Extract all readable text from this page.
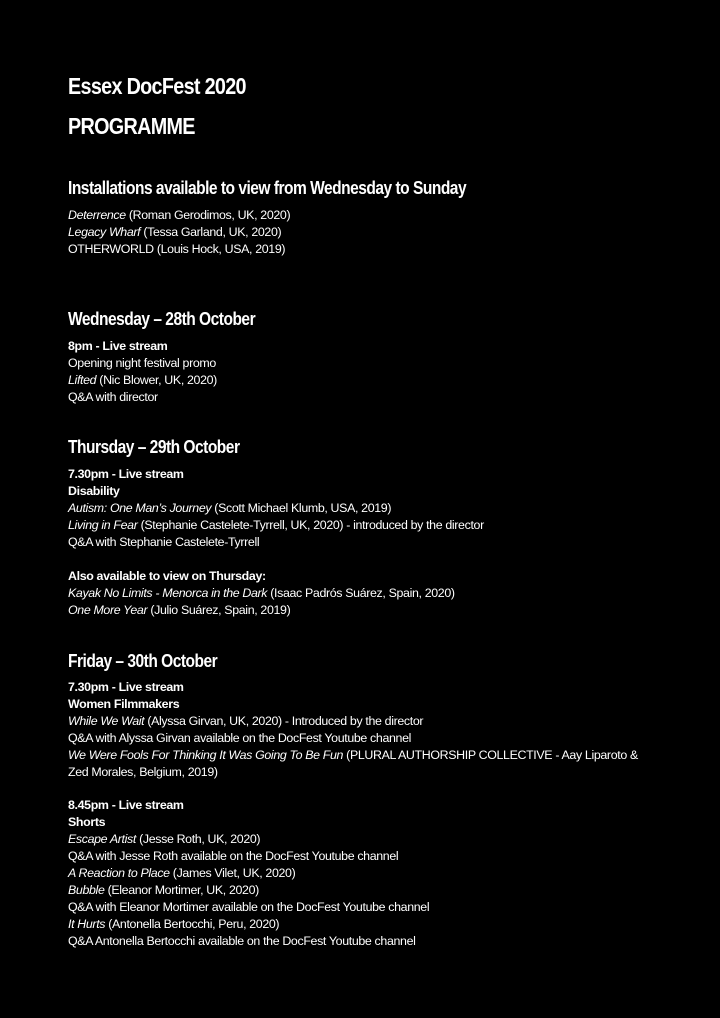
Essex DocFest 2020
PROGRAMME
Installations available to view from Wednesday to Sunday
Deterrence (Roman Gerodimos, UK, 2020)
Legacy Wharf (Tessa Garland, UK, 2020)
OTHERWORLD (Louis Hock, USA, 2019)
Wednesday – 28th October
8pm - Live stream
Opening night festival promo
Lifted (Nic Blower, UK, 2020)
Q&A with director
Thursday – 29th October
7.30pm - Live stream
Disability
Autism: One Man’s Journey (Scott Michael Klumb, USA, 2019)
Living in Fear (Stephanie Castelete-Tyrrell, UK, 2020) - introduced by the director
Q&A with Stephanie Castelete-Tyrrell
Also available to view on Thursday:
Kayak No Limits - Menorca in the Dark (Isaac Padrós Suárez, Spain, 2020)
One More Year (Julio Suárez, Spain, 2019)
Friday – 30th October
7.30pm - Live stream
Women Filmmakers
While We Wait (Alyssa Girvan, UK, 2020) - Introduced by the director
Q&A with Alyssa Girvan available on the DocFest Youtube channel
We Were Fools For Thinking It Was Going To Be Fun (PLURAL AUTHORSHIP COLLECTIVE - Aay Liparoto & Zed Morales, Belgium, 2019)
8.45pm - Live stream
Shorts
Escape Artist (Jesse Roth, UK, 2020)
Q&A with Jesse Roth available on the DocFest Youtube channel
A Reaction to Place (James Vilet, UK, 2020)
Bubble (Eleanor Mortimer, UK, 2020)
Q&A with Eleanor Mortimer available on the DocFest Youtube channel
It Hurts (Antonella Bertocchi, Peru, 2020)
Q&A Antonella Bertocchi available on the DocFest Youtube channel
